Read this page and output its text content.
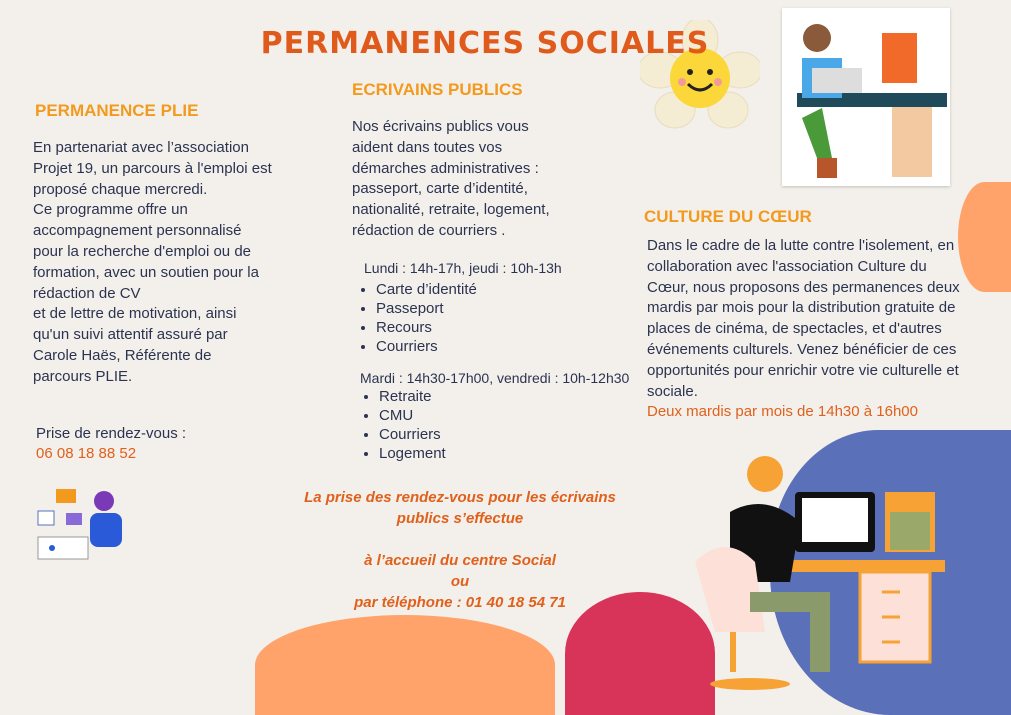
PERMANENCES SOCIALES
PERMANENCE PLIE
En partenariat avec l’association
Projet 19, un parcours à l'emploi est
proposé chaque mercredi.
Ce programme offre un
accompagnement personnalisé
pour la recherche d'emploi ou de
formation, avec un soutien pour la
rédaction de CV
et de lettre de motivation, ainsi
qu'un suivi attentif assuré par
Carole Haës, Référente de
parcours PLIE.
Prise de rendez-vous :
06 08 18 88 52
ECRIVAINS PUBLICS
Nos écrivains publics vous
aident dans toutes vos
démarches administratives :
passeport, carte d’identité,
nationalité, retraite, logement,
rédaction de courriers .
Lundi : 14h-17h, jeudi : 10h-13h
• Carte d’identité
• Passeport
• Recours
• Courriers
Mardi : 14h30-17h00, vendredi : 10h-12h30
• Retraite
• CMU
• Courriers
• Logement
La prise des rendez-vous pour les écrivains
publics s’effectue
à l’accueil du centre Social
ou
par téléphone : 01 40 18 54 71
CULTURE DU CŒUR
Dans le cadre de la lutte contre l'isolement, en
collaboration avec l'association Culture du
Cœur, nous proposons des permanences deux
mardis par mois pour la distribution gratuite de
places de cinéma, de spectacles, et d'autres
événements culturels. Venez bénéficier de ces
opportunités pour enrichir votre vie culturelle et
sociale.
Deux mardis par mois de 14h30 à 16h00
